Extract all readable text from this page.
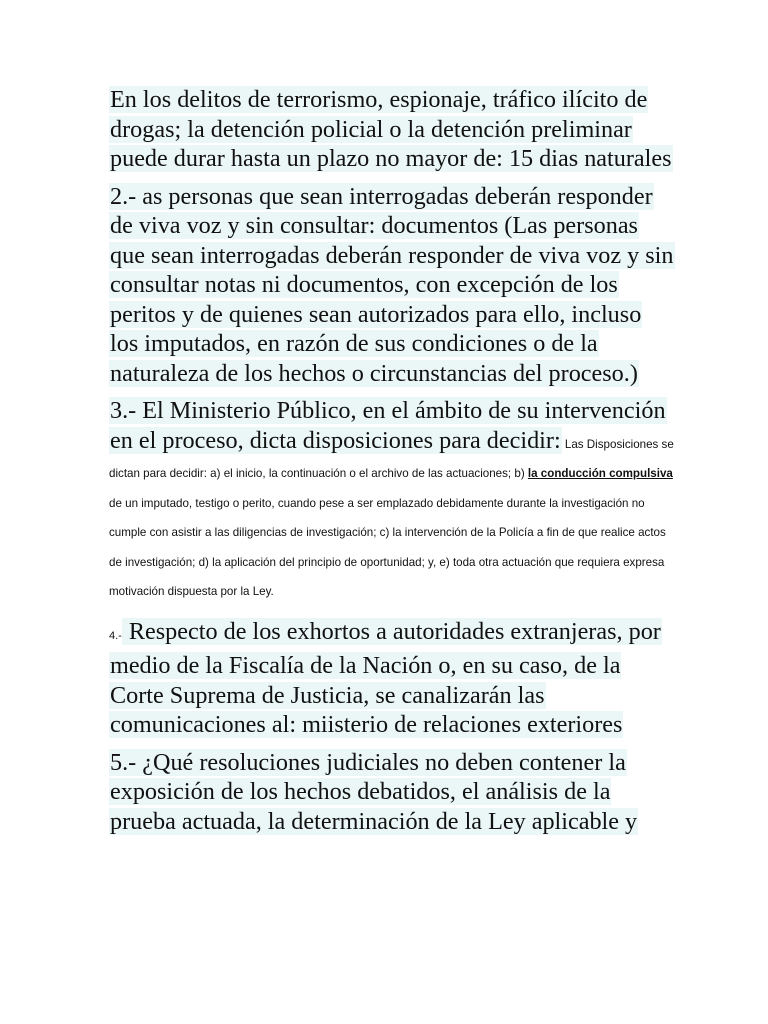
En los delitos de terrorismo, espionaje, tráfico ilícito de drogas; la detención policial o la detención preliminar puede durar hasta un plazo no mayor de: 15 dias naturales

2.- as personas que sean interrogadas deberán responder de viva voz y sin consultar: documentos (Las personas que sean interrogadas deberán responder de viva voz y sin consultar notas ni documentos, con excepción de los peritos y de quienes sean autorizados para ello, incluso los imputados, en razón de sus condiciones o de la naturaleza de los hechos o circunstancias del proceso.)

3.- El Ministerio Público, en el ámbito de su intervención en el proceso, dicta disposiciones para decidir: Las Disposiciones se dictan para decidir: a) el inicio, la continuación o el archivo de las actuaciones; b) la conducción compulsiva de un imputado, testigo o perito, cuando pese a ser emplazado debidamente durante la investigación no cumple con asistir a las diligencias de investigación; c) la intervención de la Policía a fin de que realice actos de investigación; d) la aplicación del principio de oportunidad; y, e) toda otra actuación que requiera expresa motivación dispuesta por la Ley.

4.- Respecto de los exhortos a autoridades extranjeras, por medio de la Fiscalía de la Nación o, en su caso, de la Corte Suprema de Justicia, se canalizarán las comunicaciones al: miisterio de relaciones exteriores

5.- ¿Qué resoluciones judiciales no deben contener la exposición de los hechos debatidos, el análisis de la prueba actuada, la determinación de la Ley aplicable y
